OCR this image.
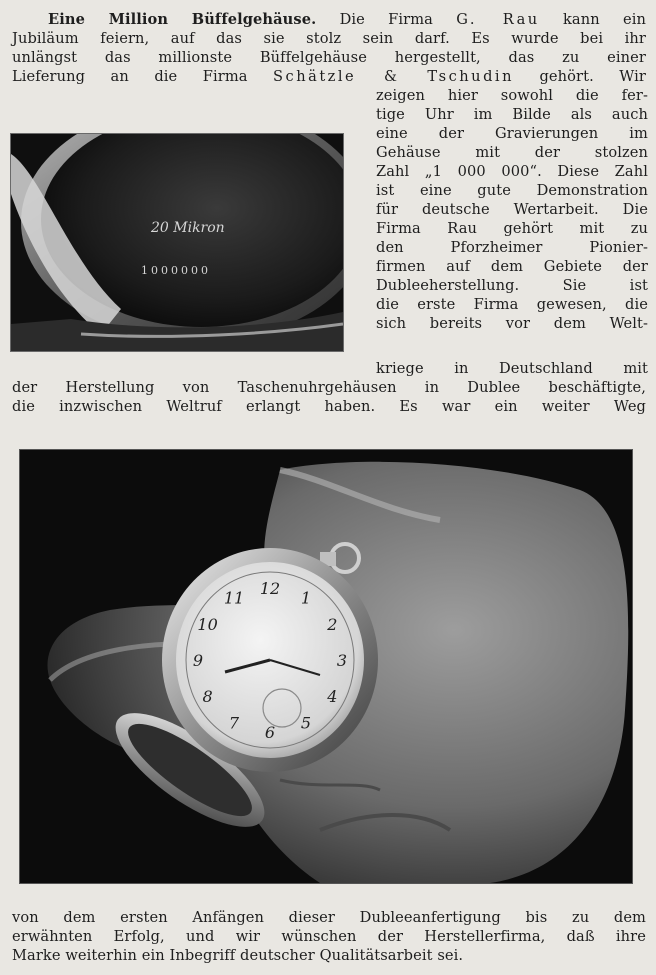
Eine Million Büffelgehäuse. Die Firma G. Rau kann ein
Jubiläum feiern, auf das sie stolz sein darf. Es wurde bei ihr
unlängst das millionste Büffelgehäuse hergestellt, das zu einer
Lieferung an die Firma Schätzle & Tschudin gehört. Wir
zeigen hier sowohl die fer-
tige Uhr im Bilde als auch
eine der Gravierungen im
Gehäuse mit der stolzen
Zahl „1 000 000“. Diese Zahl
ist eine gute Demonstration
für deutsche Wertarbeit. Die
Firma Rau gehört mit zu
den Pforzheimer Pionier-
firmen auf dem Gebiete der
Dubleeherstellung. Sie ist
die erste Firma gewesen, die
sich bereits vor dem Welt-
kriege in Deutschland mit
20 Mikron
1000000
der Herstellung von Taschenuhrgehäusen in Dublee beschäftigte,
die inzwischen Weltruf erlangt haben. Es war ein weiter Weg
12
1
2
3
4
5
6
7
8
9
10
11
von dem ersten Anfängen dieser Dubleeanfertigung bis zu dem
erwähnten Erfolg, und wir wünschen der Herstellerfirma, daß ihre
Marke weiterhin ein Inbegriff deutscher Qualitätsarbeit sei.
